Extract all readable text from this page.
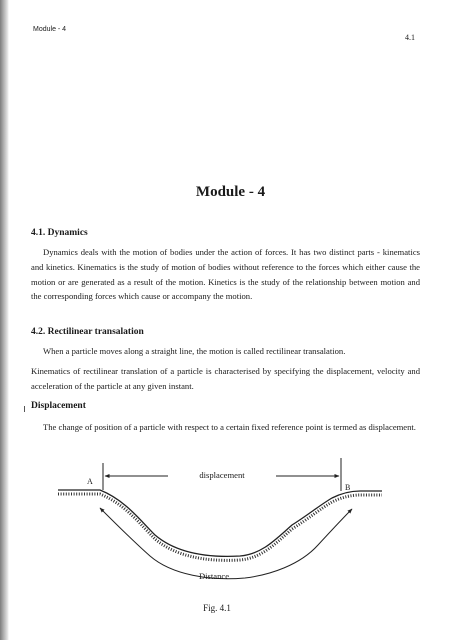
Module - 4
4.1
Module - 4
4.1. Dynamics

Dynamics deals with the motion of bodies under the action of forces. It has two distinct parts - kinematics and kinetics. Kinematics is the study of motion of bodies without reference to the forces which either cause the motion or are generated as a result of the motion. Kinetics is the study of the relationship between motion and the corresponding forces which cause or accompany the motion.

4.2. Rectilinear transalation

When a particle moves along a straight line, the motion is called rectilinear transalation.

Kinematics of rectilinear translation of a particle is characterised by specifying the displacement, velocity and acceleration of the particle at any given instant.

Displacement

The change of position of a particle with respect to a certain fixed reference point is termed as displacement.

A
B
displacement
Distance
Fig. 4.1
